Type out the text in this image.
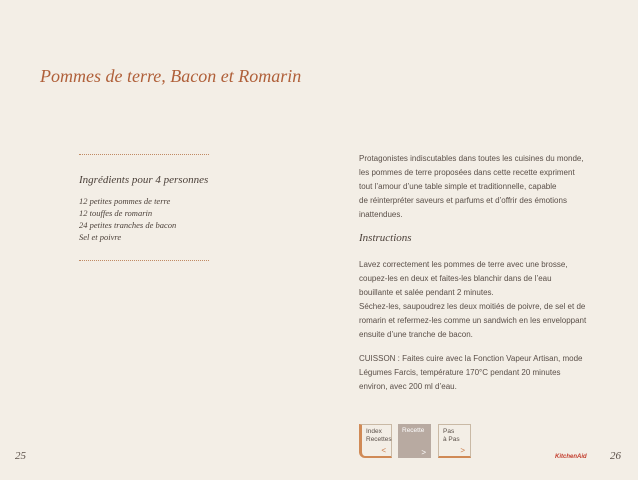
Pommes de terre, Bacon et Romarin
Ingrédients pour 4 personnes
12 petites pommes de terre
12 touffes de romarin
24 petites tranches de bacon
Sel et poivre

Protagonistes indiscutables dans toutes les cuisines du monde,

les pommes de terre proposées dans cette recette expriment

tout l’amour d’une table simple et traditionnelle, capable

de réinterpréter saveurs et parfums et d’offrir des émotions

inattendues.

Instructions

Lavez correctement les pommes de terre avec une brosse,

coupez-les en deux et faites-les blanchir dans de l’eau

bouillante et salée pendant 2 minutes.

Séchez-les, saupoudrez les deux moitiés de poivre, de sel et de

romarin et refermez-les comme un sandwich en les enveloppant

ensuite d’une tranche de bacon.

CUISSON : Faites cuire avec la Fonction Vapeur Artisan, mode

Légumes Farcis, température 170°C pendant 20 minutes

environ, avec 200 ml d’eau.

Index
Recettes
<
Recette
>
Pas
à Pas
>
25	KitchenAid 26
